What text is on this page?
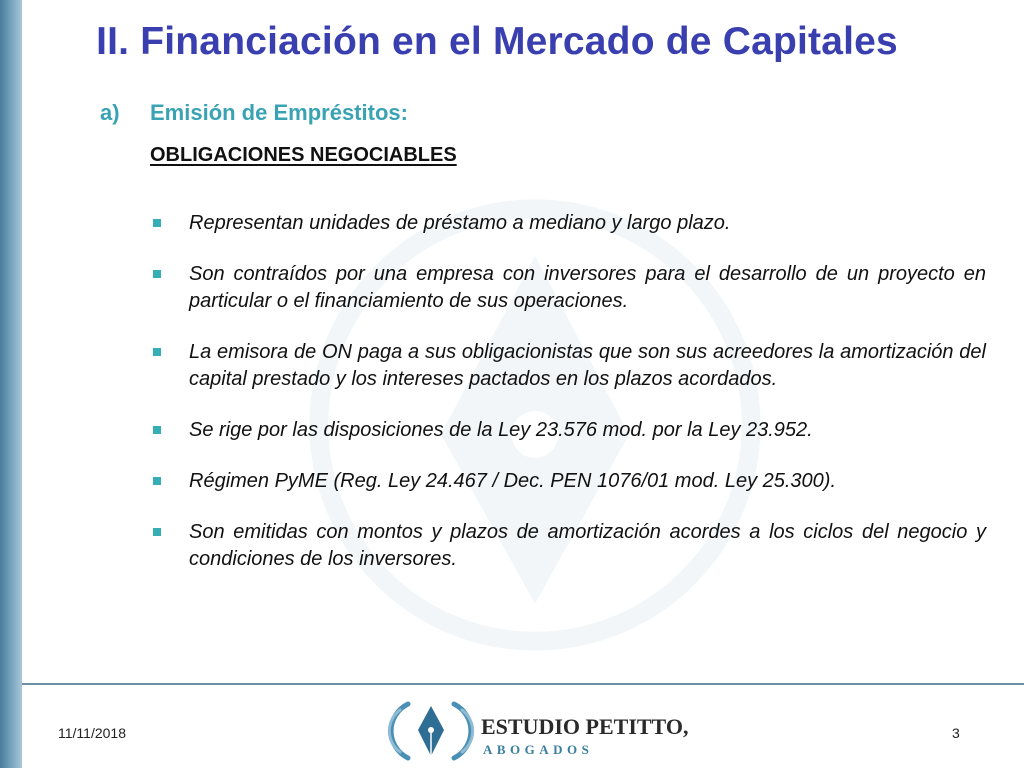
II. Financiación en el Mercado de Capitales
a) Emisión de Empréstitos:
OBLIGACIONES NEGOCIABLES
Representan unidades de préstamo a mediano y largo plazo.
Son contraídos por una empresa con inversores para el desarrollo de un proyecto en particular o el financiamiento de sus operaciones.
La emisora de ON paga a sus obligacionistas que son sus acreedores la amortización del capital prestado y los intereses pactados en los plazos acordados.
Se rige por las disposiciones de la Ley 23.576 mod. por la Ley 23.952.
Régimen PyME (Reg. Ley 24.467 / Dec. PEN 1076/01 mod. Ley 25.300).
Son emitidas con montos y plazos de amortización acordes a los ciclos del negocio y condiciones de los inversores.
11/11/2018	ESTUDIO PETITTO,
ABOGADOS
3
